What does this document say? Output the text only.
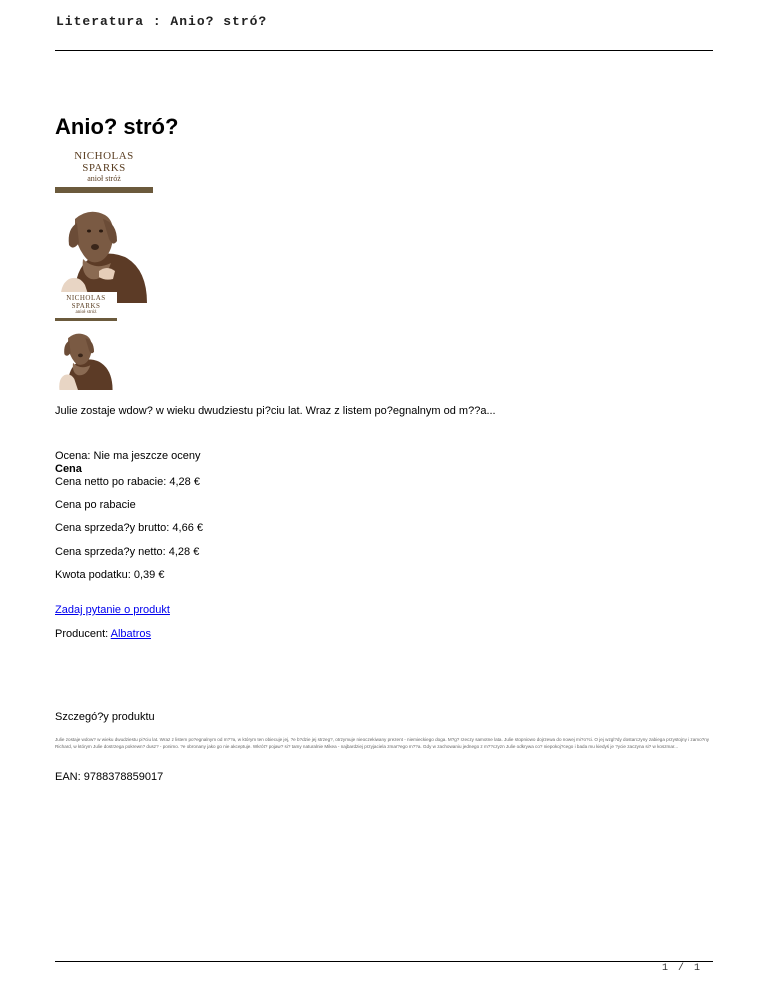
Literatura : Anio? stró?
Anio? stró?
NICHOLAS SPARKS
anioł stróż
NICHOLAS SPARKS
anioł stróż

Julie zostaje wdow? w wieku dwudziestu pi?ciu lat. Wraz z listem po?egnalnym od m??a...

Ocena: Nie ma jeszcze oceny

Cena

Cena netto po rabacie: 4,28 €

Cena po rabacie

Cena sprzeda?y brutto: 4,66 €

Cena sprzeda?y netto: 4,28 €

Kwota podatku: 0,39 €

Zadaj pytanie o produkt

Producent: Albatros

Szczegó?y produktu

Julie zostaje wdow? w wieku dwudziestu pi?ciu lat. Wraz z listem po?egnalnym od m??a, w którym ten obiecuje jej, ?e b?dzie jej strzeg?, otrzymuje nieoczekiwany prezent - niemieckiego doga. M?g? rzeczy samotne lata. Julie stopniowo dojrzewa do nowej mi?o?ci. O jej wzgl?dy dostarczyny zabiega przystojny i zamo?ny Richard, w którym Julie dostrzega pokrewn? dusz? - ponimo. ?e obronany jako go nie akceptuje. Wkrót? pojaw? si? tamy naturalnie Mikea - najbardziej przyjaciela zmar?ego m??a. Gdy w zachowaniu jednego z m??czyzn Julie odkrywa co? niepokoj?cego i bada mu kiedyś je ?ycie zaczyna si? w koszmar...

EAN: 9788378859017

1 / 1
